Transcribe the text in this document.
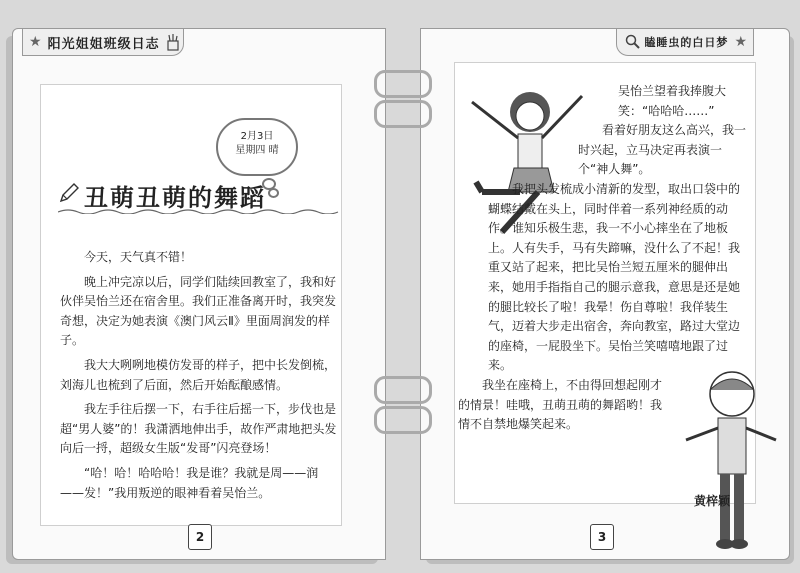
★ 阳光姐姐班级日志	瞌睡虫的白日梦 ★
2月3日
星期四 晴
丑萌丑萌的舞蹈

今天，天气真不错！

晚上冲完凉以后，同学们陆续回教室了，我和好伙伴吴怡兰还在宿舍里。我们正准备离开时，我突发奇想，决定为她表演《澳门风云Ⅱ》里面周润发的样子。

我大大咧咧地模仿发哥的样子，把中长发倒梳，刘海儿也梳到了后面，然后开始酝酿感情。

我左手往后摆一下，右手往后摇一下，步伐也是超“男人婆”的！我潇洒地伸出手，故作严肃地把头发向后一捋，超级女生版“发哥”闪亮登场！

“哈！哈！哈哈哈！我是谁？我就是周——润——发！”我用叛逆的眼神看着吴怡兰。

吴怡兰望着我捧腹大笑：“哈哈哈……”

看着好朋友这么高兴，我一时兴起，立马决定再表演一个“神人舞”。

我把头发梳成小清新的发型，取出口袋中的蝴蝶结戴在头上，同时伴着一系列神经质的动作。谁知乐极生悲，我一不小心摔坐在了地板上。人有失手，马有失蹄嘛，没什么了不起！我重又站了起来，把比吴怡兰短五厘米的腿伸出来，她用手指指自己的腿示意我，意思是还是她的腿比较长了啦！我晕！伤自尊啦！我佯装生气，迈着大步走出宿舍，奔向教室，路过大堂边的座椅，一屁股坐下。吴怡兰笑嘻嘻地跟了过来。

我坐在座椅上，不由得回想起刚才的情景！哇哦，丑萌丑萌的舞蹈哟！我情不自禁地爆笑起来。

黄梓颖
2	3
